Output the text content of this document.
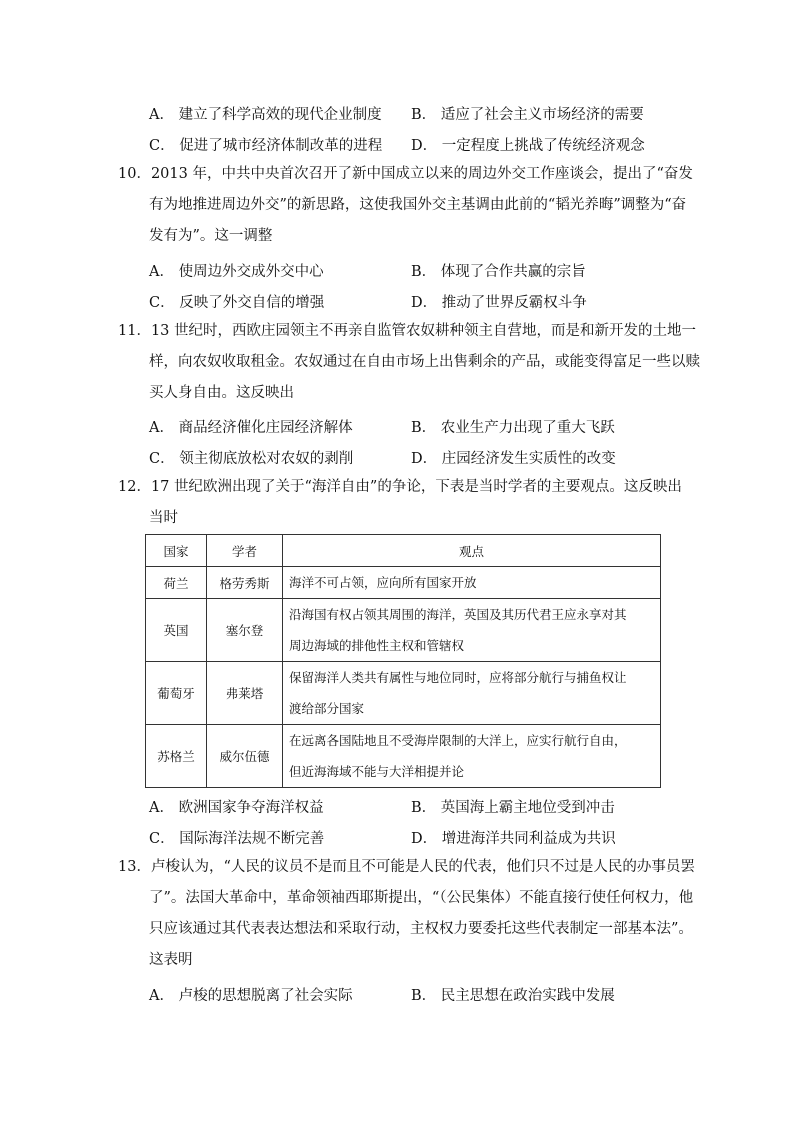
A． 建立了科学高效的现代企业制度 B． 适应了社会主义市场经济的需要
C． 促进了城市经济体制改革的进程 D． 一定程度上挑战了传统经济观念
10．2013 年，中共中央首次召开了新中国成立以来的周边外交工作座谈会，提出了“奋发
有为地推进周边外交”的新思路，这使我国外交主基调由此前的“韬光养晦”调整为“奋
发有为”。这一调整
A． 使周边外交成外交中心	B． 体现了合作共赢的宗旨
C． 反映了外交自信的增强	D． 推动了世界反霸权斗争
11．13 世纪时，西欧庄园领主不再亲自监管农奴耕种领主自营地，而是和新开发的土地一
样，向农奴收取租金。农奴通过在自由市场上出售剩余的产品，或能变得富足一些以赎
买人身自由。这反映出
A． 商品经济催化庄园经济解体	B． 农业生产力出现了重大飞跃
C． 领主彻底放松对农奴的剥削	D． 庄园经济发生实质性的改变
12．17 世纪欧洲出现了关于“海洋自由”的争论，下表是当时学者的主要观点。这反映出
当时
国家	学者	观点
荷兰	格劳秀斯	海洋不可占领，应向所有国家开放

英国	塞尔登	沿海国有权占领其周围的海洋，英国及其历代君王应永享对其
周边海域的排他性主权和管辖权

葡萄牙	弗莱塔	保留海洋人类共有属性与地位同时，应将部分航行与捕鱼权让
渡给部分国家

苏格兰	威尔伍德	在远离各国陆地且不受海岸限制的大洋上，应实行航行自由，
但近海海域不能与大洋相提并论
A． 欧洲国家争夺海洋权益	B． 英国海上霸主地位受到冲击
C． 国际海洋法规不断完善	D． 增进海洋共同利益成为共识
13．卢梭认为，“人民的议员不是而且不可能是人民的代表，他们只不过是人民的办事员罢
了”。法国大革命中，革命领袖西耶斯提出，“（公民集体）不能直接行使任何权力，他
只应该通过其代表表达想法和采取行动，主权权力要委托这些代表制定一部基本法”。
这表明
A． 卢梭的思想脱离了社会实际	B． 民主思想在政治实践中发展
